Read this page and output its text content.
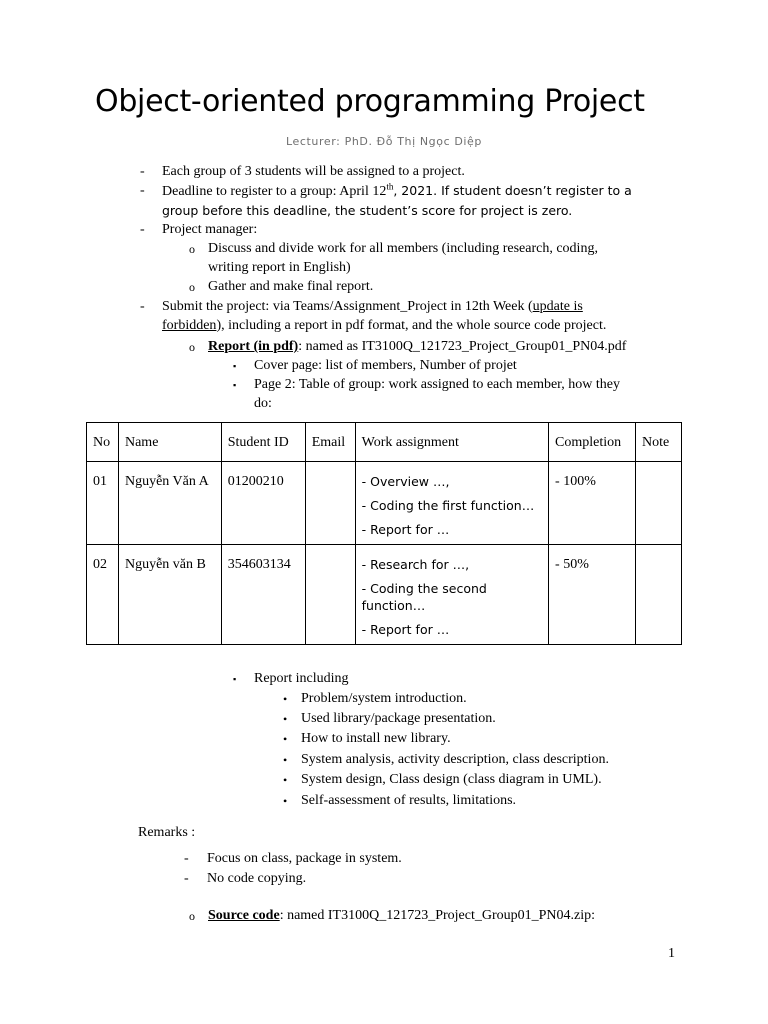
Object-oriented programming Project
Lecturer: PhD. Đỗ Thị Ngọc Diệp
- Each group of 3 students will be assigned to a project.
- Deadline to register to a group: April 12th, 2021. If student doesn’t register to a
group before this deadline, the student’s score for project is zero.
- Project manager:
o Discuss and divide work for all members (including research, coding,
writing report in English)
o Gather and make final report.
- Submit the project: via Teams/Assignment_Project in 12th Week (update is
forbidden), including a report in pdf format, and the whole source code project.
o Report (in pdf): named as IT3100Q_121723_Project_Group01_PN04.pdf
▪ Cover page: list of members, Number of projet
▪ Page 2: Table of group: work assigned to each member, how they
do:
No	Name	Student ID	Email	Work assignment	Completion	Note
01	Nguyễn Văn A	01200210		- Overview …,
- Coding the first function…
- Report for …	- 100%	
02	Nguyễn văn B	354603134		- Research for …,
- Coding the second function…
- Report for …	- 50%	
▪ Report including
• Problem/system introduction.
• Used library/package presentation.
• How to install new library.
• System analysis, activity description, class description.
• System design, Class design (class diagram in UML).
• Self-assessment of results, limitations.
Remarks :
- Focus on class, package in system.
- No code copying.
o Source code: named IT3100Q_121723_Project_Group01_PN04.zip:
1
